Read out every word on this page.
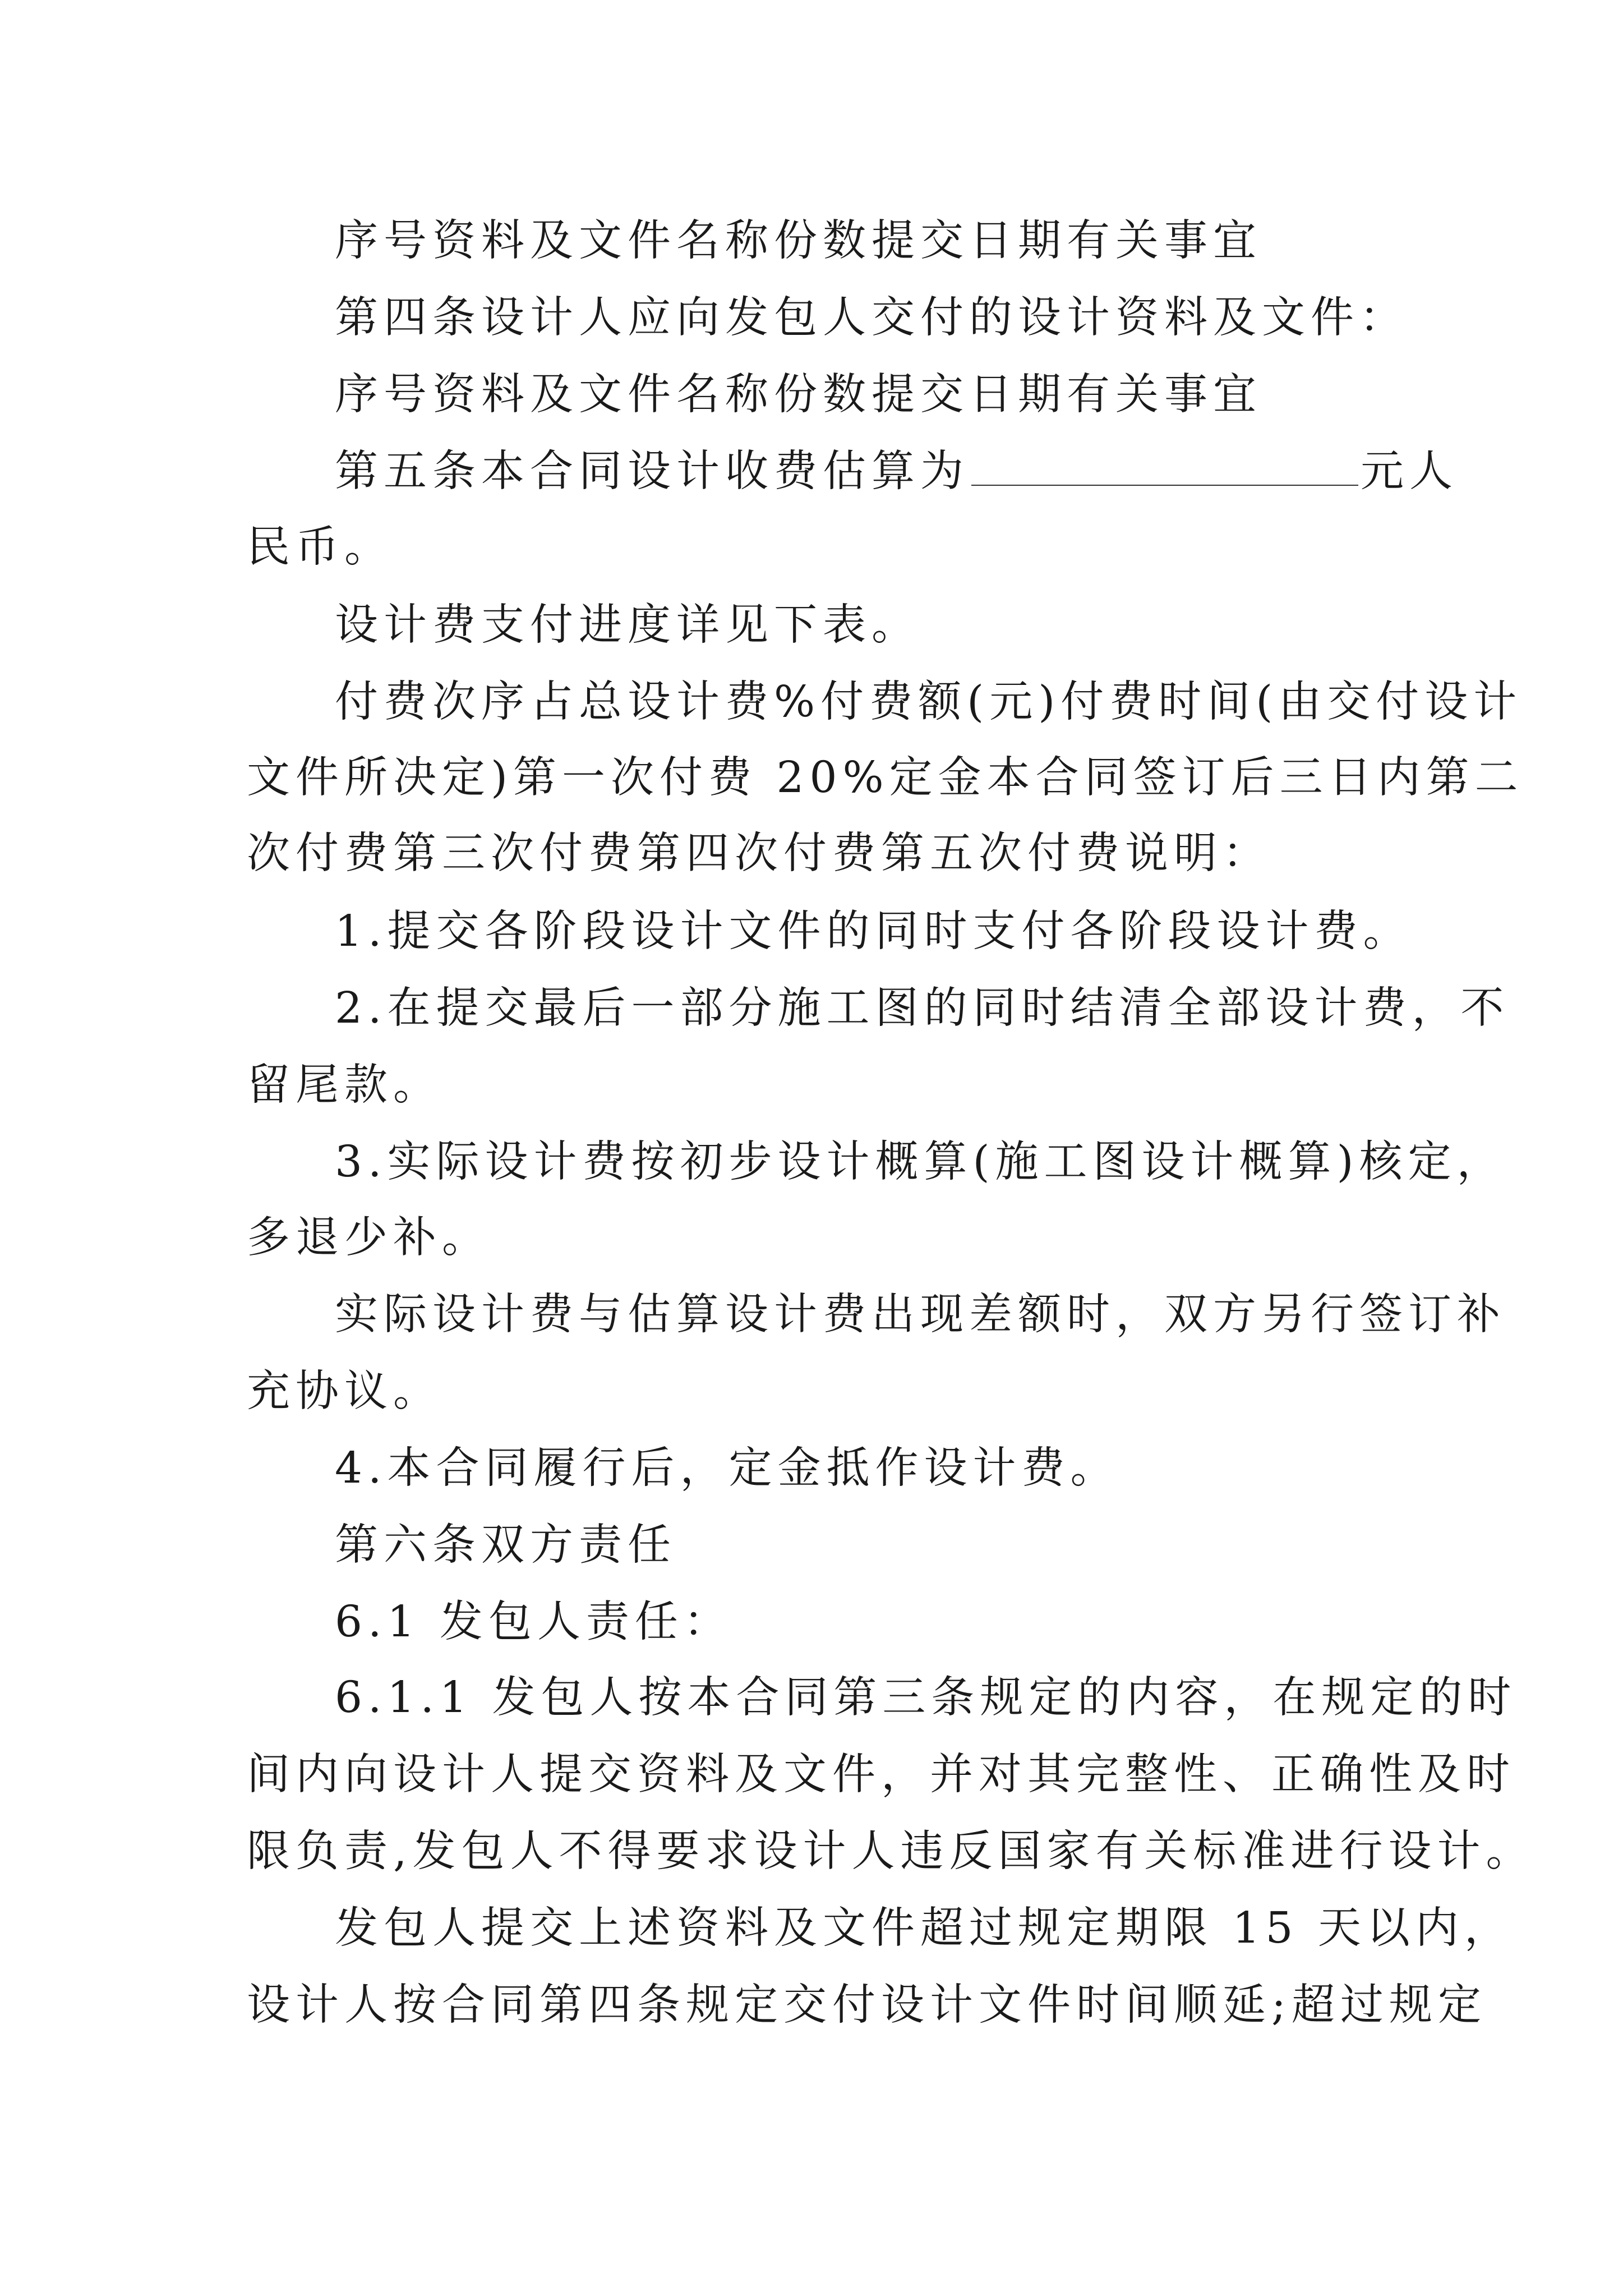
序号资料及文件名称份数提交日期有关事宜
第四条设计人应向发包人交付的设计资料及文件：
序号资料及文件名称份数提交日期有关事宜
第五条本合同设计收费估算为	元人
民币。
设计费支付进度详见下表。
付费次序占总设计费%付费额(元)付费时间(由交付设计
文件所决定)第一次付费 20%定金本合同签订后三日内第二
次付费第三次付费第四次付费第五次付费说明：
1.提交各阶段设计文件的同时支付各阶段设计费。
2.在提交最后一部分施工图的同时结清全部设计费，不
留尾款。
3.实际设计费按初步设计概算(施工图设计概算)核定，
多退少补。
实际设计费与估算设计费出现差额时，双方另行签订补
充协议。
4.本合同履行后，定金抵作设计费。
第六条双方责任
6.1 发包人责任：
6.1.1 发包人按本合同第三条规定的内容，在规定的时
间内向设计人提交资料及文件，并对其完整性、正确性及时
限负责,发包人不得要求设计人违反国家有关标准进行设计。
发包人提交上述资料及文件超过规定期限 15 天以内，
设计人按合同第四条规定交付设计文件时间顺延;超过规定
